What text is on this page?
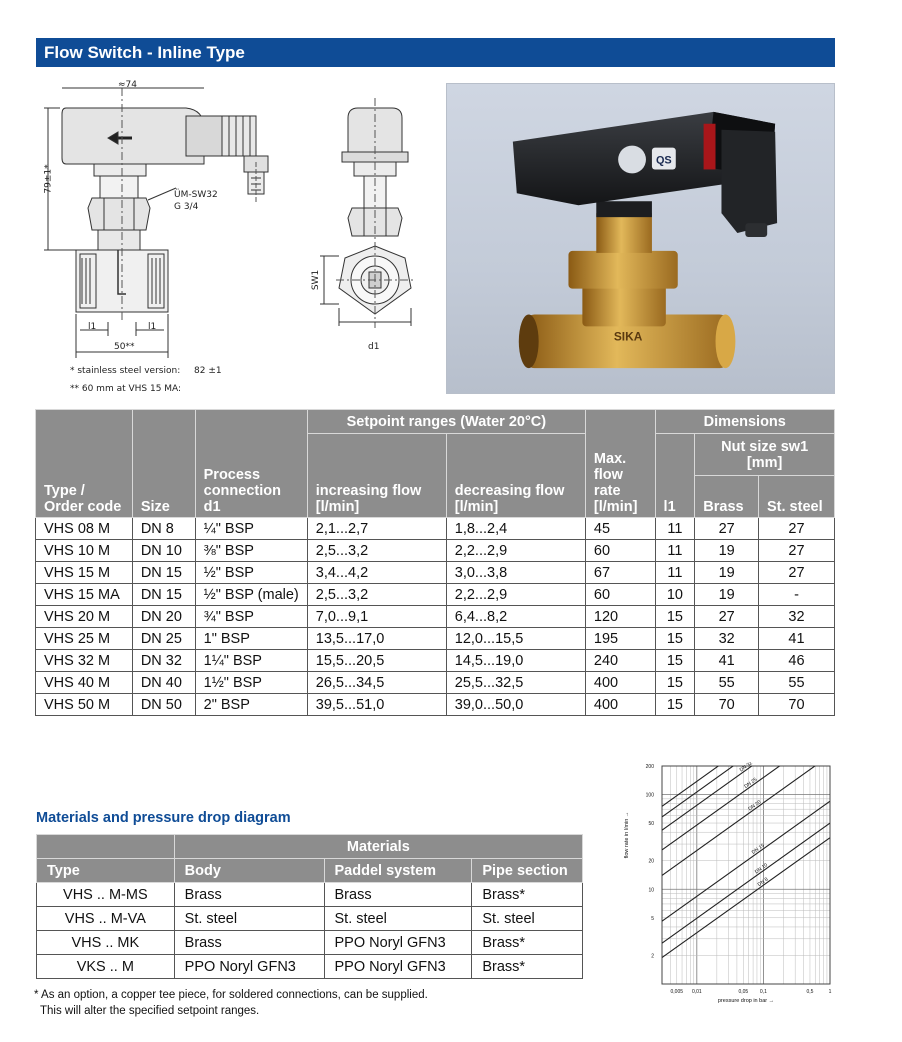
Flow Switch - Inline Type
≈74
79±1*
ÜM-SW32
G 3/4
l1	l1
50**
SW1
d1
* stainless steel version: 82 ±1
** 60 mm at VHS 15 MA:
QS
SIKA
Type / Order code	Size	Process connection d1	Setpoint ranges (Water 20°C)		Max. flow rate [l/min]	Dimensions		
			increasing flow [l/min]	decreasing flow [l/min]		l1	Nut size sw1 [mm]	
							Brass	St. steel
VHS 08 M	DN 8	¼" BSP	2,1...2,7	1,8...2,4	45	11	27	27
VHS 10 M	DN 10	⅜" BSP	2,5...3,2	2,2...2,9	60	11	19	27
VHS 15 M	DN 15	½" BSP	3,4...4,2	3,0...3,8	67	11	19	27
VHS 15 MA	DN 15	½" BSP (male)	2,5...3,2	2,2...2,9	60	10	19	-
VHS 20 M	DN 20	¾" BSP	7,0...9,1	6,4...8,2	120	15	27	32
VHS 25 M	DN 25	1" BSP	13,5...17,0	12,0...15,5	195	15	32	41
VHS 32 M	DN 32	1¼" BSP	15,5...20,5	14,5...19,0	240	15	41	46
VHS 40 M	DN 40	1½" BSP	26,5...34,5	25,5...32,5	400	15	55	55
VHS 50 M	DN 50	2" BSP	39,5...51,0	39,0...50,0	400	15	70	70
Materials and pressure drop diagram
	Materials		
Type	Body	Paddel system	Pipe section
VHS .. M-MS	Brass	Brass	Brass*
VHS .. M-VA	St. steel	St. steel	St. steel
VHS .. MK	Brass	PPO Noryl GFN3	Brass*
VKS .. M	PPO Noryl GFN3	PPO Noryl GFN3	Brass*
* As an option, a copper tee piece, for soldered connections, can be supplied.
This will alter the specified setpoint ranges.
DN 32
DN 25
DN 20
DN 15
DN 10
DN 8
200
100
50
20
10
5
2
0,005 0,01	0,05 0,1	0,5	1
pressure drop in bar →
flow rate in l/min →
